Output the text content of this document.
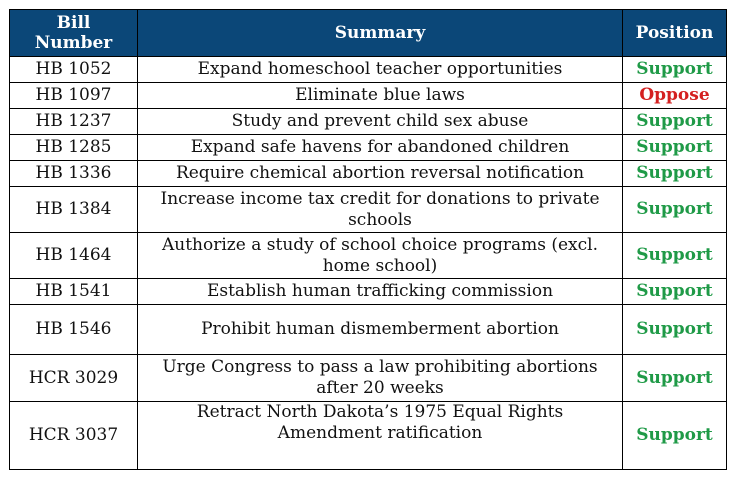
Bill
Number	Summary	Position
HB 1052	Expand homeschool teacher opportunities	Support
HB 1097	Eliminate blue laws	Oppose
HB 1237	Study and prevent child sex abuse	Support
HB 1285	Expand safe havens for abandoned children	Support
HB 1336	Require chemical abortion reversal notification	Support
HB 1384	Increase income tax credit for donations to private schools	Support
HB 1464	Authorize a study of school choice programs (excl. home school)	Support
HB 1541	Establish human trafficking commission	Support
HB 1546	Prohibit human dismemberment abortion	Support
HCR 3029	Urge Congress to pass a law prohibiting abortions after 20 weeks	Support
HCR 3037	Retract North Dakota’s 1975 Equal Rights Amendment ratification	Support
